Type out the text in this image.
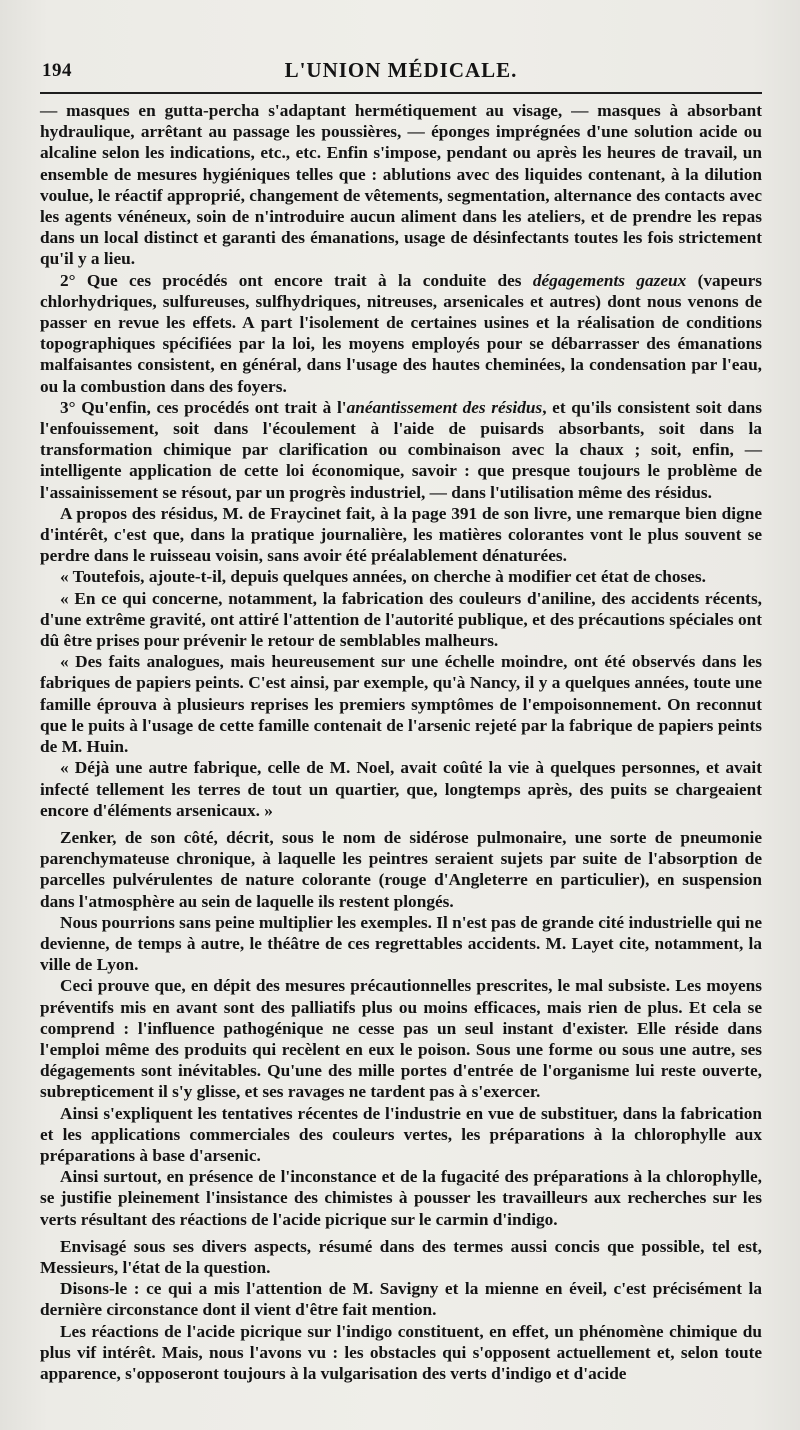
194	L'UNION MÉDICALE.

— masques en gutta-percha s'adaptant hermétiquement au visage, — masques à absorbant hydraulique, arrêtant au passage les poussières, — éponges imprégnées d'une solution acide ou alcaline selon les indications, etc., etc. Enfin s'impose, pendant ou après les heures de travail, un ensemble de mesures hygiéniques telles que : ablutions avec des liquides contenant, à la dilution voulue, le réactif approprié, changement de vêtements, segmentation, alternance des contacts avec les agents vénéneux, soin de n'introduire aucun aliment dans les ateliers, et de prendre les repas dans un local distinct et garanti des émanations, usage de désinfectants toutes les fois strictement qu'il y a lieu.

2° Que ces procédés ont encore trait à la conduite des dégagements gazeux (vapeurs chlorhydriques, sulfureuses, sulfhydriques, nitreuses, arsenicales et autres) dont nous venons de passer en revue les effets. A part l'isolement de certaines usines et la réalisation de conditions topographiques spécifiées par la loi, les moyens employés pour se débarrasser des émanations malfaisantes consistent, en général, dans l'usage des hautes cheminées, la condensation par l'eau, ou la combustion dans des foyers.

3° Qu'enfin, ces procédés ont trait à l'anéantissement des résidus, et qu'ils consistent soit dans l'enfouissement, soit dans l'écoulement à l'aide de puisards absorbants, soit dans la transformation chimique par clarification ou combinaison avec la chaux ; soit, enfin, — intelligente application de cette loi économique, savoir : que presque toujours le problème de l'assainissement se résout, par un progrès industriel, — dans l'utilisation même des résidus.

A propos des résidus, M. de Fraycinet fait, à la page 391 de son livre, une remarque bien digne d'intérêt, c'est que, dans la pratique journalière, les matières colorantes vont le plus souvent se perdre dans le ruisseau voisin, sans avoir été préalablement dénaturées.

« Toutefois, ajoute-t-il, depuis quelques années, on cherche à modifier cet état de choses.

« En ce qui concerne, notamment, la fabrication des couleurs d'aniline, des accidents récents, d'une extrême gravité, ont attiré l'attention de l'autorité publique, et des précautions spéciales ont dû être prises pour prévenir le retour de semblables malheurs.

« Des faits analogues, mais heureusement sur une échelle moindre, ont été observés dans les fabriques de papiers peints. C'est ainsi, par exemple, qu'à Nancy, il y a quelques années, toute une famille éprouva à plusieurs reprises les premiers symptômes de l'empoisonnement. On reconnut que le puits à l'usage de cette famille contenait de l'arsenic rejeté par la fabrique de papiers peints de M. Huin.

« Déjà une autre fabrique, celle de M. Noel, avait coûté la vie à quelques personnes, et avait infecté tellement les terres de tout un quartier, que, longtemps après, des puits se chargeaient encore d'éléments arsenicaux. »

Zenker, de son côté, décrit, sous le nom de sidérose pulmonaire, une sorte de pneumonie parenchymateuse chronique, à laquelle les peintres seraient sujets par suite de l'absorption de parcelles pulvérulentes de nature colorante (rouge d'Angleterre en particulier), en suspension dans l'atmosphère au sein de laquelle ils restent plongés.

Nous pourrions sans peine multiplier les exemples. Il n'est pas de grande cité industrielle qui ne devienne, de temps à autre, le théâtre de ces regrettables accidents. M. Layet cite, notamment, la ville de Lyon.

Ceci prouve que, en dépit des mesures précautionnelles prescrites, le mal subsiste. Les moyens préventifs mis en avant sont des palliatifs plus ou moins efficaces, mais rien de plus. Et cela se comprend : l'influence pathogénique ne cesse pas un seul instant d'exister. Elle réside dans l'emploi même des produits qui recèlent en eux le poison. Sous une forme ou sous une autre, ses dégagements sont inévitables. Qu'une des mille portes d'entrée de l'organisme lui reste ouverte, subrepticement il s'y glisse, et ses ravages ne tardent pas à s'exercer.

Ainsi s'expliquent les tentatives récentes de l'industrie en vue de substituer, dans la fabrication et les applications commerciales des couleurs vertes, les préparations à la chlorophylle aux préparations à base d'arsenic.

Ainsi surtout, en présence de l'inconstance et de la fugacité des préparations à la chlorophylle, se justifie pleinement l'insistance des chimistes à pousser les travailleurs aux recherches sur les verts résultant des réactions de l'acide picrique sur le carmin d'indigo.

Envisagé sous ses divers aspects, résumé dans des termes aussi concis que possible, tel est, Messieurs, l'état de la question.

Disons-le : ce qui a mis l'attention de M. Savigny et la mienne en éveil, c'est précisément la dernière circonstance dont il vient d'être fait mention.

Les réactions de l'acide picrique sur l'indigo constituent, en effet, un phénomène chimique du plus vif intérêt. Mais, nous l'avons vu : les obstacles qui s'opposent actuellement et, selon toute apparence, s'opposeront toujours à la vulgarisation des verts d'indigo et d'acide
